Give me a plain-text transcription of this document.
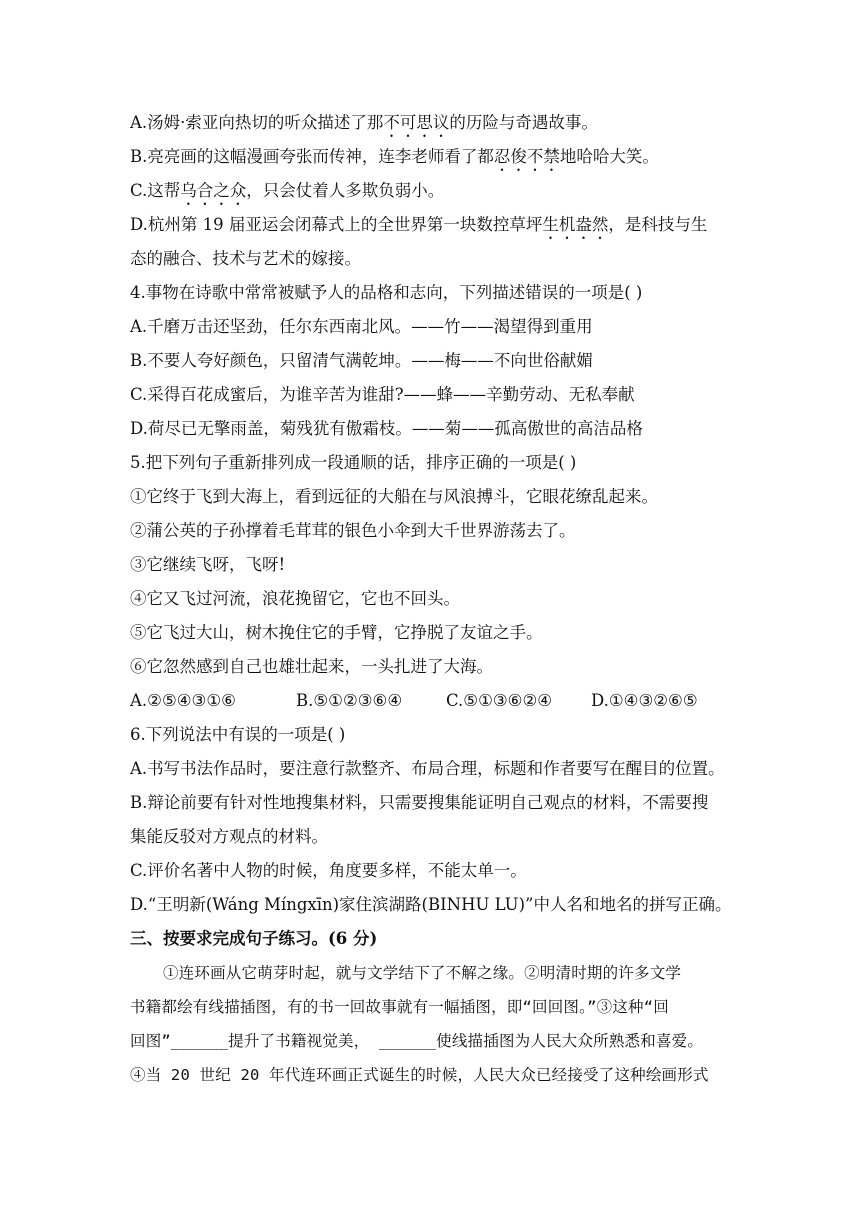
A.汤姆·索亚向热切的听众描述了那不可思议的历险与奇遇故事。
B.亮亮画的这幅漫画夸张而传神，连李老师看了都忍俊不禁地哈哈大笑。
C.这帮乌合之众，只会仗着人多欺负弱小。
D.杭州第 19 届亚运会闭幕式上的全世界第一块数控草坪生机盎然，是科技与生
态的融合、技术与艺术的嫁接。
4.事物在诗歌中常常被赋予人的品格和志向，下列描述错误的一项是( )
A.千磨万击还坚劲，任尔东西南北风。——竹——渴望得到重用
B.不要人夸好颜色，只留清气满乾坤。——梅——不向世俗献媚
C.采得百花成蜜后，为谁辛苦为谁甜?——蜂——辛勤劳动、无私奉献
D.荷尽已无擎雨盖，菊残犹有傲霜枝。——菊——孤高傲世的高洁品格
5.把下列句子重新排列成一段通顺的话，排序正确的一项是( )
①它终于飞到大海上，看到远征的大船在与风浪搏斗，它眼花缭乱起来。
②蒲公英的子孙撑着毛茸茸的银色小伞到大千世界游荡去了。
③它继续飞呀，飞呀!
④它又飞过河流，浪花挽留它，它也不回头。
⑤它飞过大山，树木挽住它的手臂，它挣脱了友谊之手。
⑥它忽然感到自己也雄壮起来，一头扎进了大海。
A.②⑤④③①⑥	B.⑤①②③⑥④	C.⑤①③⑥②④	D.①④③②⑥⑤
6.下列说法中有误的一项是( )
A.书写书法作品时，要注意行款整齐、布局合理，标题和作者要写在醒目的位置。
B.辩论前要有针对性地搜集材料，只需要搜集能证明自己观点的材料，不需要搜
集能反驳对方观点的材料。
C.评价名著中人物的时候，角度要多样，不能太单一。
D.“王明新(Wáng Míngxīn)家住滨湖路(BINHU LU)”中人名和地名的拼写正确。
三、按要求完成句子练习。(6 分)
①连环画从它萌芽时起，就与文学结下了不解之缘。②明清时期的许多文学
书籍都绘有线描插图，有的书一回故事就有一幅插图，即“回回图。”③这种“回
回图”______提升了书籍视觉美， ______使线描插图为人民大众所熟悉和喜爱。
④当 20 世纪 20 年代连环画正式诞生的时候，人民大众已经接受了这种绘画形式
